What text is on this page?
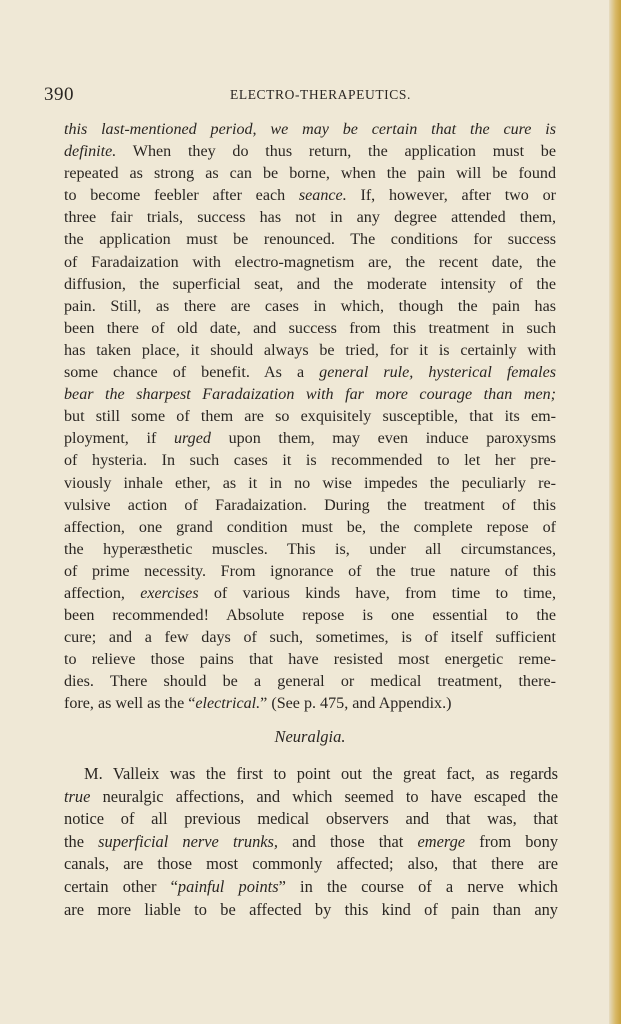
390	ELECTRO-THERAPEUTICS.
this last-mentioned period, we may be certain that the cure is
definite. When they do thus return, the application must be
repeated as strong as can be borne, when the pain will be found
to become feebler after each seance. If, however, after two or
three fair trials, success has not in any degree attended them,
the application must be renounced. The conditions for success
of Faradaization with electro-magnetism are, the recent date, the
diffusion, the superficial seat, and the moderate intensity of the
pain. Still, as there are cases in which, though the pain has
been there of old date, and success from this treatment in such
has taken place, it should always be tried, for it is certainly with
some chance of benefit. As a general rule, hysterical females
bear the sharpest Faradaization with far more courage than men;
but still some of them are so exquisitely susceptible, that its em-
ployment, if urged upon them, may even induce paroxysms
of hysteria. In such cases it is recommended to let her pre-
viously inhale ether, as it in no wise impedes the peculiarly re-
vulsive action of Faradaization. During the treatment of this
affection, one grand condition must be, the complete repose of
the hyperæsthetic muscles. This is, under all circumstances,
of prime necessity. From ignorance of the true nature of this
affection, exercises of various kinds have, from time to time,
been recommended! Absolute repose is one essential to the
cure; and a few days of such, sometimes, is of itself sufficient
to relieve those pains that have resisted most energetic reme-
dies. There should be a general or medical treatment, there-
fore, as well as the “electrical.” (See p. 475, and Appendix.)
Neuralgia.
M. Valleix was the first to point out the great fact, as regards
true neuralgic affections, and which seemed to have escaped the
notice of all previous medical observers and that was, that
the superficial nerve trunks, and those that emerge from bony
canals, are those most commonly affected; also, that there are
certain other “painful points” in the course of a nerve which
are more liable to be affected by this kind of pain than any
